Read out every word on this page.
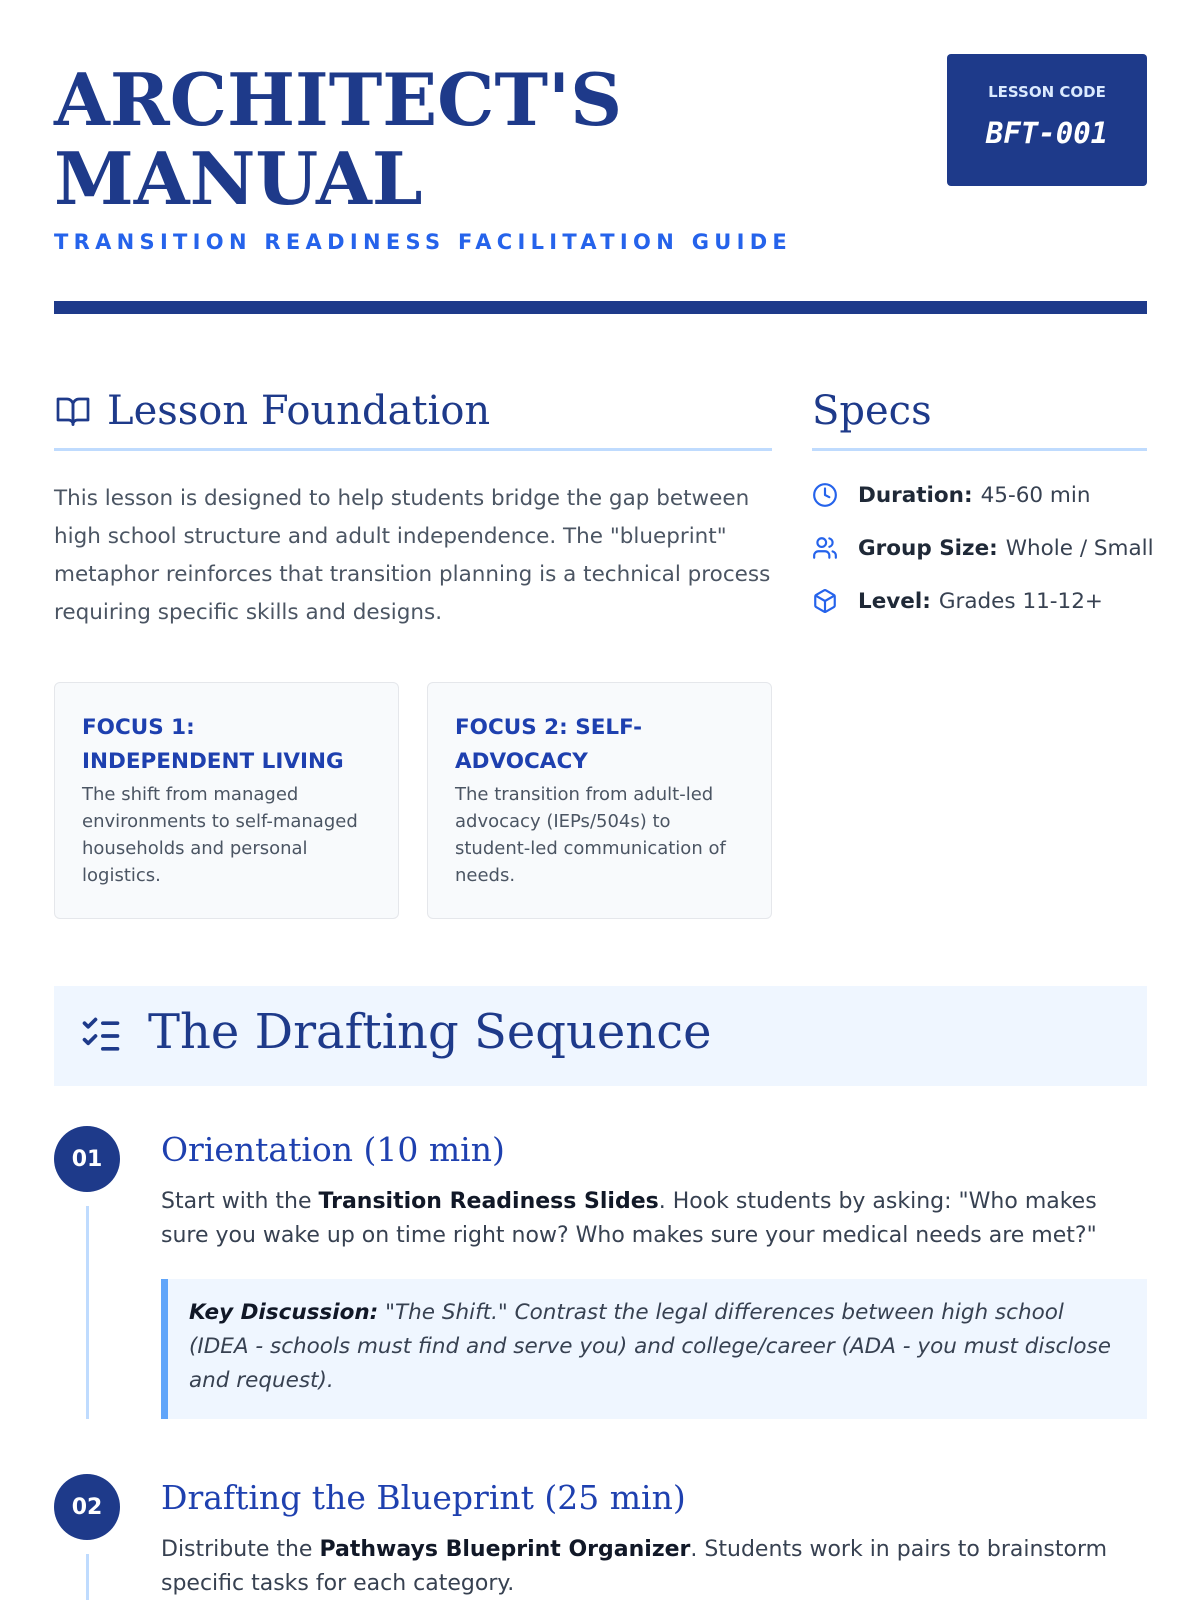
ARCHITECT'S
MANUAL
TRANSITION READINESS FACILITATION GUIDE
LESSON CODE
BFT-001
Lesson Foundation	Specs

This lesson is designed to help students bridge the gap between high school structure and adult independence. The "blueprint" metaphor reinforces that transition planning is a technical process requiring specific skills and designs.

Duration: 45-60 min
Group Size: Whole / Small
Level: Grades 11-12+
FOCUS 1: INDEPENDENT LIVING
The shift from managed environments to self-managed households and personal logistics.
FOCUS 2: SELF-ADVOCACY
The transition from adult-led advocacy (IEPs/504s) to student-led communication of needs.
The Drafting Sequence
01	Orientation (10 min)

Start with the Transition Readiness Slides. Hook students by asking: "Who makes sure you wake up on time right now? Who makes sure your medical needs are met?"

Key Discussion: "The Shift." Contrast the legal differences between high school (IDEA - schools must find and serve you) and college/career (ADA - you must disclose and request).
02	Drafting the Blueprint (25 min)

Distribute the Pathways Blueprint Organizer. Students work in pairs to brainstorm specific tasks for each category.
